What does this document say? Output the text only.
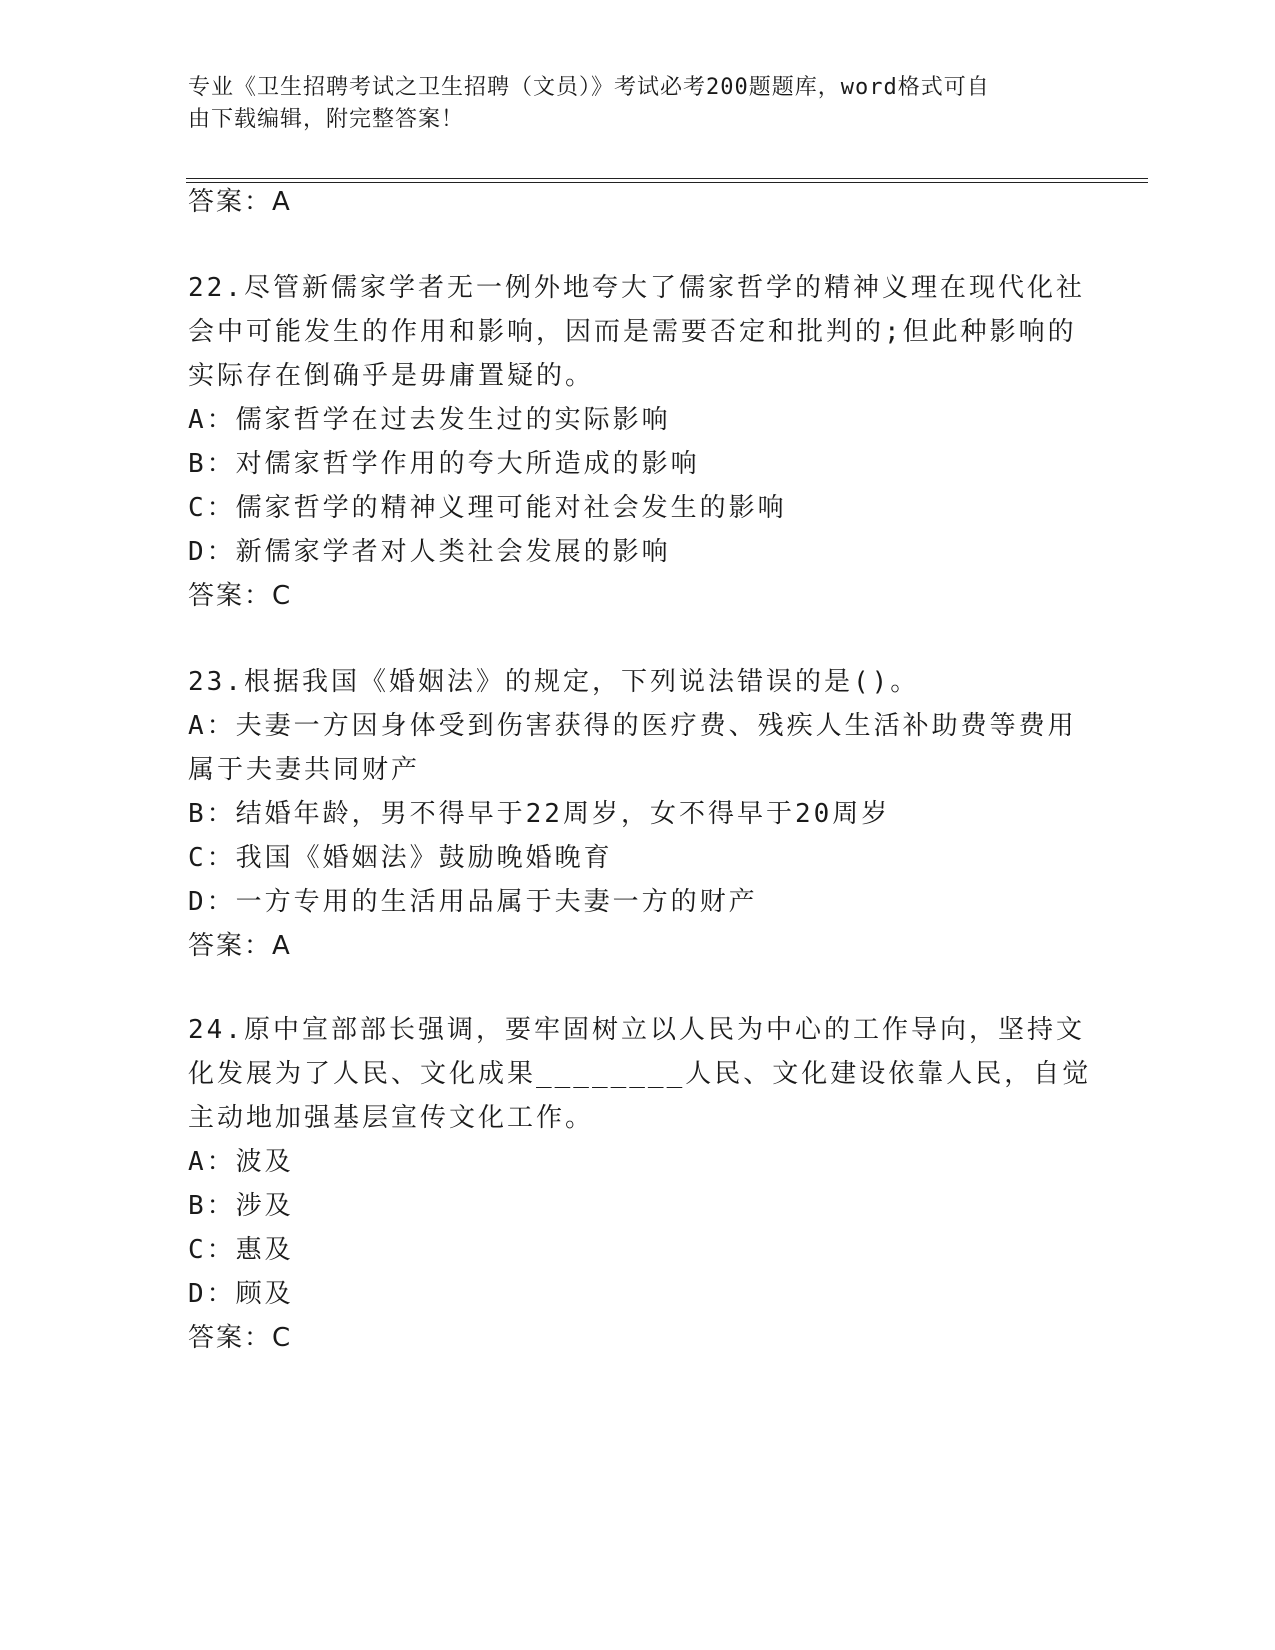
专业《卫生招聘考试之卫生招聘（文员）》考试必考200题题库，word格式可自
由下载编辑，附完整答案！
答案：A
22.尽管新儒家学者无一例外地夸大了儒家哲学的精神义理在现代化社
会中可能发生的作用和影响，因而是需要否定和批判的;但此种影响的
实际存在倒确乎是毋庸置疑的。
A：儒家哲学在过去发生过的实际影响
B：对儒家哲学作用的夸大所造成的影响
C：儒家哲学的精神义理可能对社会发生的影响
D：新儒家学者对人类社会发展的影响
答案：C
23.根据我国《婚姻法》的规定，下列说法错误的是()。
A：夫妻一方因身体受到伤害获得的医疗费、残疾人生活补助费等费用
属于夫妻共同财产
B：结婚年龄，男不得早于22周岁，女不得早于20周岁
C：我国《婚姻法》鼓励晚婚晚育
D：一方专用的生活用品属于夫妻一方的财产
答案：A
24.原中宣部部长强调，要牢固树立以人民为中心的工作导向，坚持文
化发展为了人民、文化成果________人民、文化建设依靠人民，自觉
主动地加强基层宣传文化工作。
A：波及
B：涉及
C：惠及
D：顾及
答案：C
